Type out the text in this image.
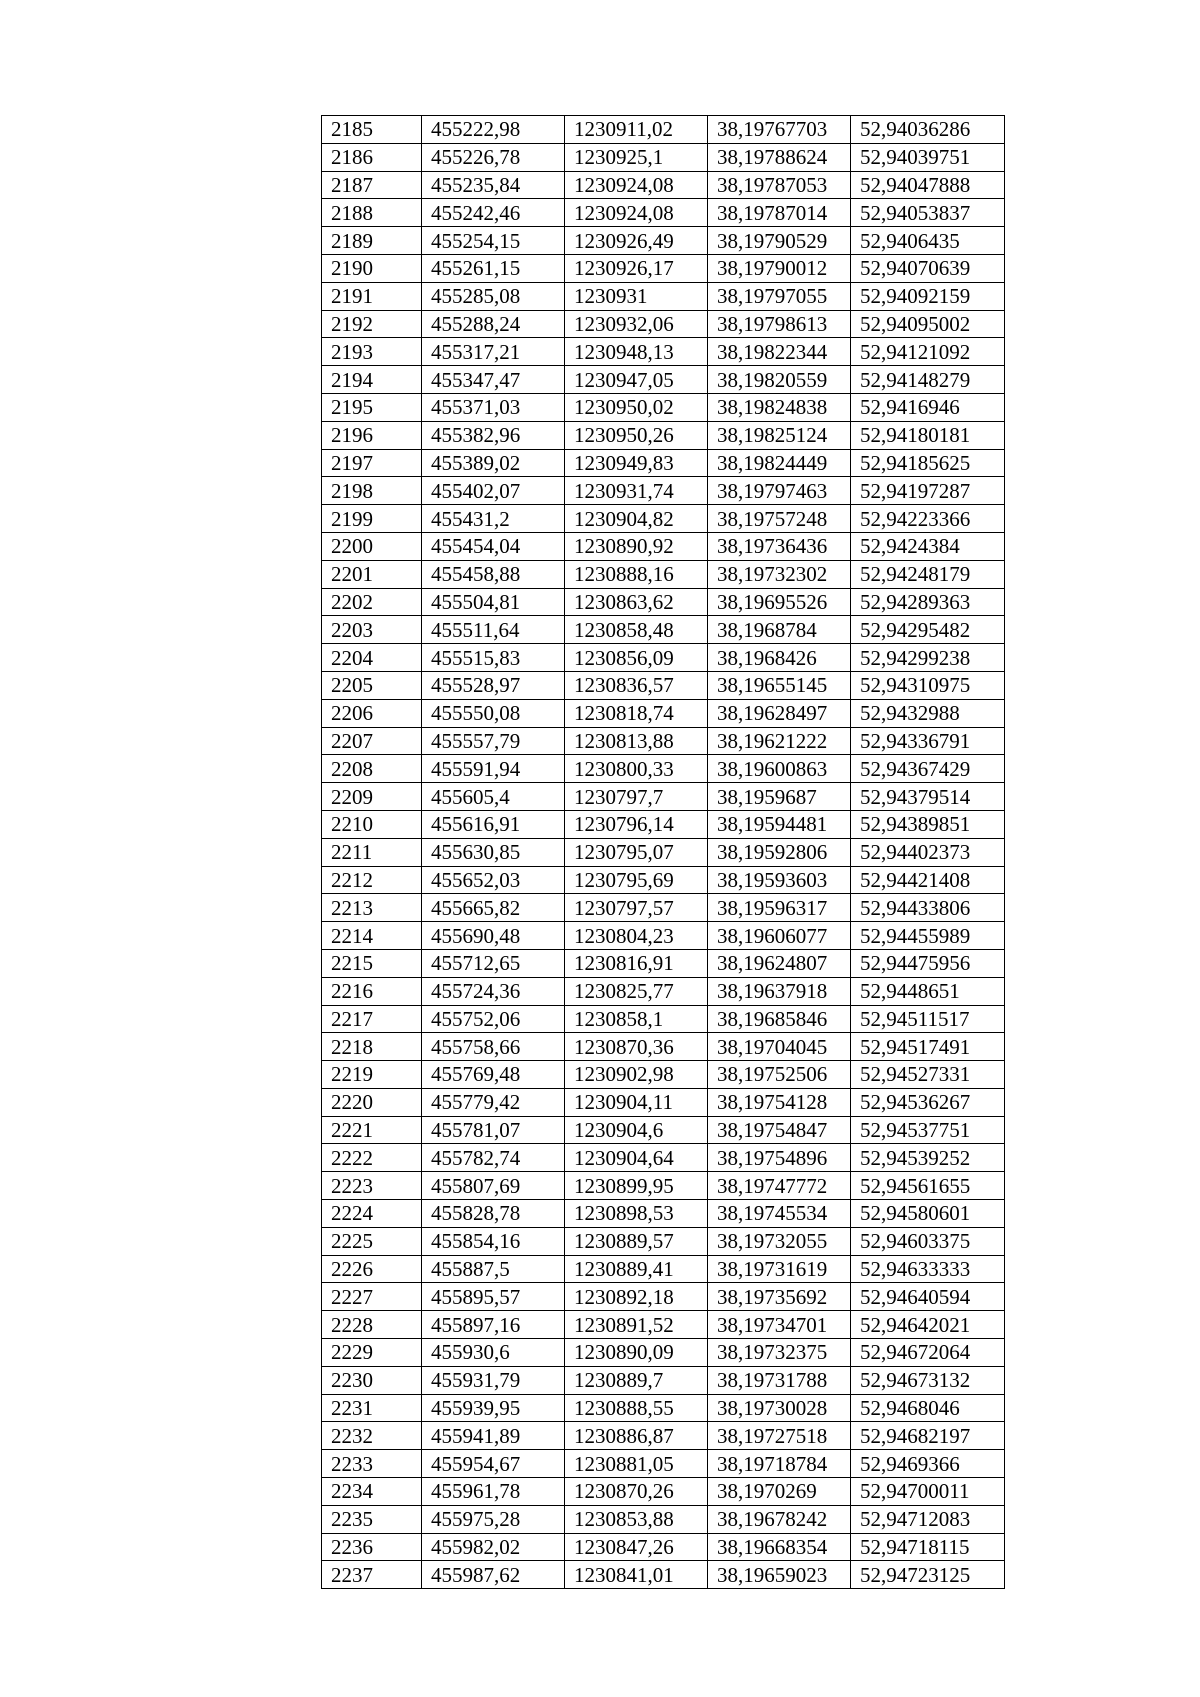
2185	455222,98	1230911,02	38,19767703	52,94036286
2186	455226,78	1230925,1	38,19788624	52,94039751
2187	455235,84	1230924,08	38,19787053	52,94047888
2188	455242,46	1230924,08	38,19787014	52,94053837
2189	455254,15	1230926,49	38,19790529	52,9406435
2190	455261,15	1230926,17	38,19790012	52,94070639
2191	455285,08	1230931	38,19797055	52,94092159
2192	455288,24	1230932,06	38,19798613	52,94095002
2193	455317,21	1230948,13	38,19822344	52,94121092
2194	455347,47	1230947,05	38,19820559	52,94148279
2195	455371,03	1230950,02	38,19824838	52,9416946
2196	455382,96	1230950,26	38,19825124	52,94180181
2197	455389,02	1230949,83	38,19824449	52,94185625
2198	455402,07	1230931,74	38,19797463	52,94197287
2199	455431,2	1230904,82	38,19757248	52,94223366
2200	455454,04	1230890,92	38,19736436	52,9424384
2201	455458,88	1230888,16	38,19732302	52,94248179
2202	455504,81	1230863,62	38,19695526	52,94289363
2203	455511,64	1230858,48	38,1968784	52,94295482
2204	455515,83	1230856,09	38,1968426	52,94299238
2205	455528,97	1230836,57	38,19655145	52,94310975
2206	455550,08	1230818,74	38,19628497	52,9432988
2207	455557,79	1230813,88	38,19621222	52,94336791
2208	455591,94	1230800,33	38,19600863	52,94367429
2209	455605,4	1230797,7	38,1959687	52,94379514
2210	455616,91	1230796,14	38,19594481	52,94389851
2211	455630,85	1230795,07	38,19592806	52,94402373
2212	455652,03	1230795,69	38,19593603	52,94421408
2213	455665,82	1230797,57	38,19596317	52,94433806
2214	455690,48	1230804,23	38,19606077	52,94455989
2215	455712,65	1230816,91	38,19624807	52,94475956
2216	455724,36	1230825,77	38,19637918	52,9448651
2217	455752,06	1230858,1	38,19685846	52,94511517
2218	455758,66	1230870,36	38,19704045	52,94517491
2219	455769,48	1230902,98	38,19752506	52,94527331
2220	455779,42	1230904,11	38,19754128	52,94536267
2221	455781,07	1230904,6	38,19754847	52,94537751
2222	455782,74	1230904,64	38,19754896	52,94539252
2223	455807,69	1230899,95	38,19747772	52,94561655
2224	455828,78	1230898,53	38,19745534	52,94580601
2225	455854,16	1230889,57	38,19732055	52,94603375
2226	455887,5	1230889,41	38,19731619	52,94633333
2227	455895,57	1230892,18	38,19735692	52,94640594
2228	455897,16	1230891,52	38,19734701	52,94642021
2229	455930,6	1230890,09	38,19732375	52,94672064
2230	455931,79	1230889,7	38,19731788	52,94673132
2231	455939,95	1230888,55	38,19730028	52,9468046
2232	455941,89	1230886,87	38,19727518	52,94682197
2233	455954,67	1230881,05	38,19718784	52,9469366
2234	455961,78	1230870,26	38,1970269	52,94700011
2235	455975,28	1230853,88	38,19678242	52,94712083
2236	455982,02	1230847,26	38,19668354	52,94718115
2237	455987,62	1230841,01	38,19659023	52,94723125
